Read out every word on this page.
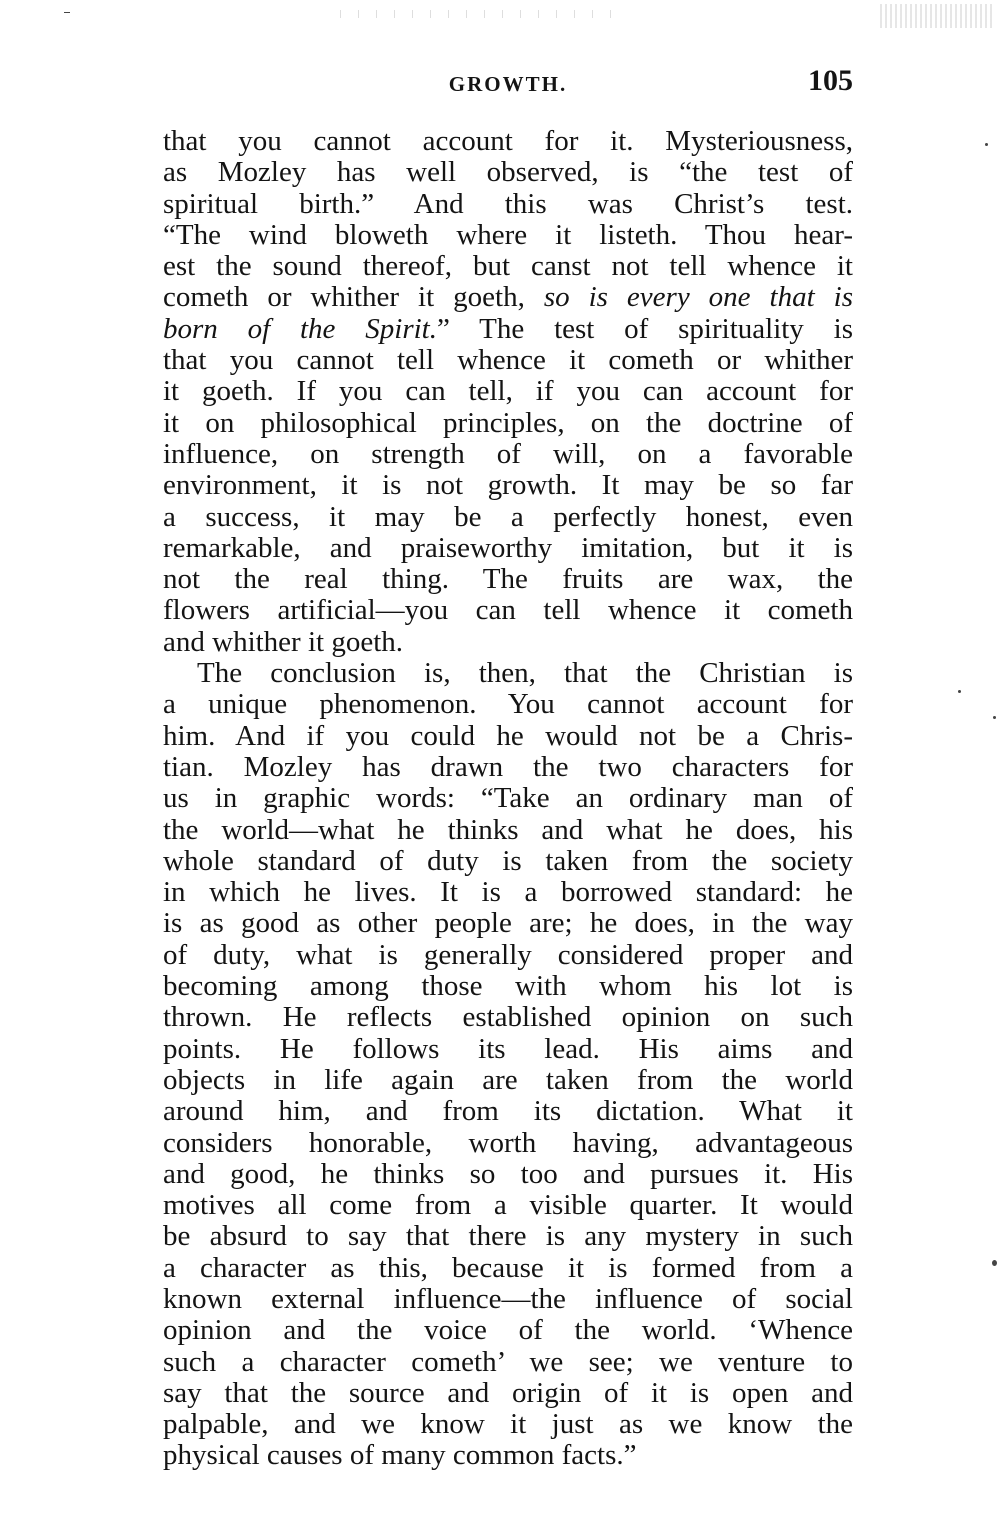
GROWTH.	105
that you cannot account for it. Mysteriousness,
as Mozley has well observed, is “the test of
spiritual birth.” And this was Christ’s test.
“The wind bloweth where it listeth. Thou hear-
est the sound thereof, but canst not tell whence it
cometh or whither it goeth, so is every one that is
born of the Spirit.” The test of spirituality is
that you cannot tell whence it cometh or whither
it goeth. If you can tell, if you can account for
it on philosophical principles, on the doctrine of
influence, on strength of will, on a favorable
environment, it is not growth. It may be so far
a success, it may be a perfectly honest, even
remarkable, and praiseworthy imitation, but it is
not the real thing. The fruits are wax, the
flowers artificial—you can tell whence it cometh
and whither it goeth.
The conclusion is, then, that the Christian is
a unique phenomenon. You cannot account for
him. And if you could he would not be a Chris-
tian. Mozley has drawn the two characters for
us in graphic words: “Take an ordinary man of
the world—what he thinks and what he does, his
whole standard of duty is taken from the society
in which he lives. It is a borrowed standard: he
is as good as other people are; he does, in the way
of duty, what is generally considered proper and
becoming among those with whom his lot is
thrown. He reflects established opinion on such
points. He follows its lead. His aims and
objects in life again are taken from the world
around him, and from its dictation. What it
considers honorable, worth having, advantageous
and good, he thinks so too and pursues it. His
motives all come from a visible quarter. It would
be absurd to say that there is any mystery in such
a character as this, because it is formed from a
known external influence—the influence of social
opinion and the voice of the world. ‘Whence
such a character cometh’ we see; we venture to
say that the source and origin of it is open and
palpable, and we know it just as we know the
physical causes of many common facts.”
